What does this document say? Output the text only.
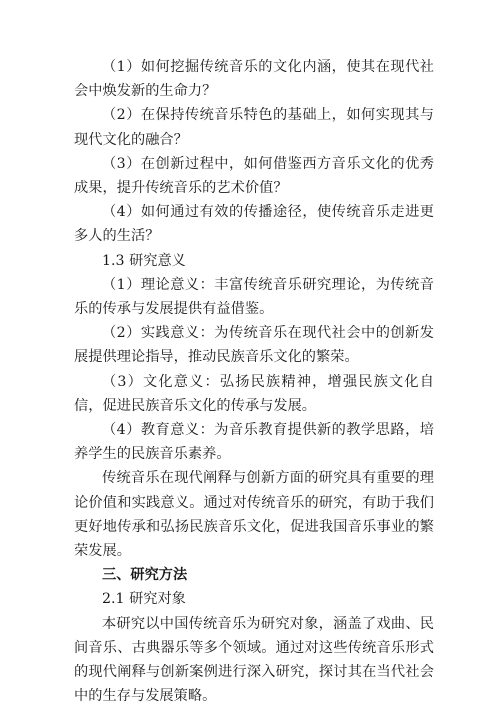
（1）如何挖掘传统音乐的文化内涵，使其在现代社会中焕发新的生命力？

（2）在保持传统音乐特色的基础上，如何实现其与现代文化的融合？

（3）在创新过程中，如何借鉴西方音乐文化的优秀成果，提升传统音乐的艺术价值？

（4）如何通过有效的传播途径，使传统音乐走进更多人的生活？

1.3 研究意义

（1）理论意义：丰富传统音乐研究理论，为传统音乐的传承与发展提供有益借鉴。

（2）实践意义：为传统音乐在现代社会中的创新发展提供理论指导，推动民族音乐文化的繁荣。

（3）文化意义：弘扬民族精神，增强民族文化自信，促进民族音乐文化的传承与发展。

（4）教育意义：为音乐教育提供新的教学思路，培养学生的民族音乐素养。

传统音乐在现代阐释与创新方面的研究具有重要的理论价值和实践意义。通过对传统音乐的研究，有助于我们更好地传承和弘扬民族音乐文化，促进我国音乐事业的繁荣发展。

三、研究方法

2.1 研究对象

本研究以中国传统音乐为研究对象，涵盖了戏曲、民间音乐、古典器乐等多个领域。通过对这些传统音乐形式的现代阐释与创新案例进行深入研究，探讨其在当代社会中的生存与发展策略。
